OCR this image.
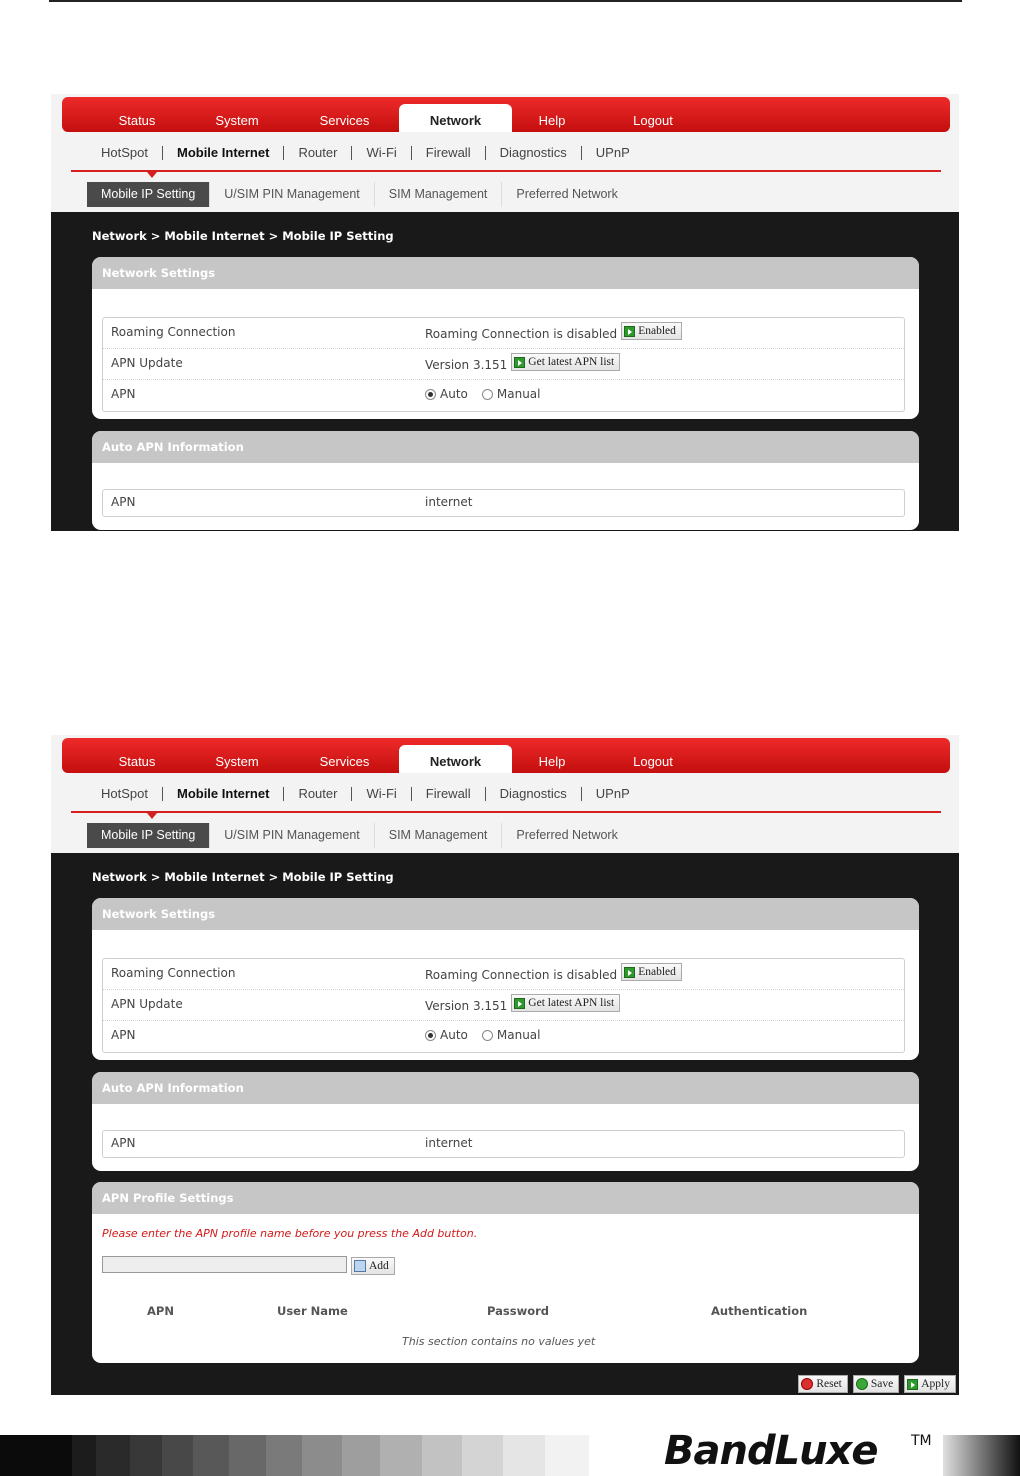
Status	System	Services	Network	Help	Logout
HotSpot	Mobile Internet	Router	Wi-Fi	Firewall	Diagnostics	UPnP
Mobile IP Setting	U/SIM PIN Management	SIM Management	Preferred Network
Network > Mobile Internet > Mobile IP Setting
Network Settings
Roaming Connection	Roaming Connection is disabled Enabled
APN Update	Version 3.151 Get latest APN list
APN	Auto Manual
Auto APN Information
APN	internet
Status	System	Services	Network	Help	Logout
HotSpot	Mobile Internet	Router	Wi-Fi	Firewall	Diagnostics	UPnP
Mobile IP Setting	U/SIM PIN Management	SIM Management	Preferred Network
Network > Mobile Internet > Mobile IP Setting
Network Settings
Roaming Connection	Roaming Connection is disabled Enabled
APN Update	Version 3.151 Get latest APN list
APN	Auto Manual
Auto APN Information
APN	internet
APN Profile Settings
Please enter the APN profile name before you press the Add button.
Add
APN	User Name	Password	Authentication
This section contains no values yet
Reset	Save Apply
BandLuxe TM
